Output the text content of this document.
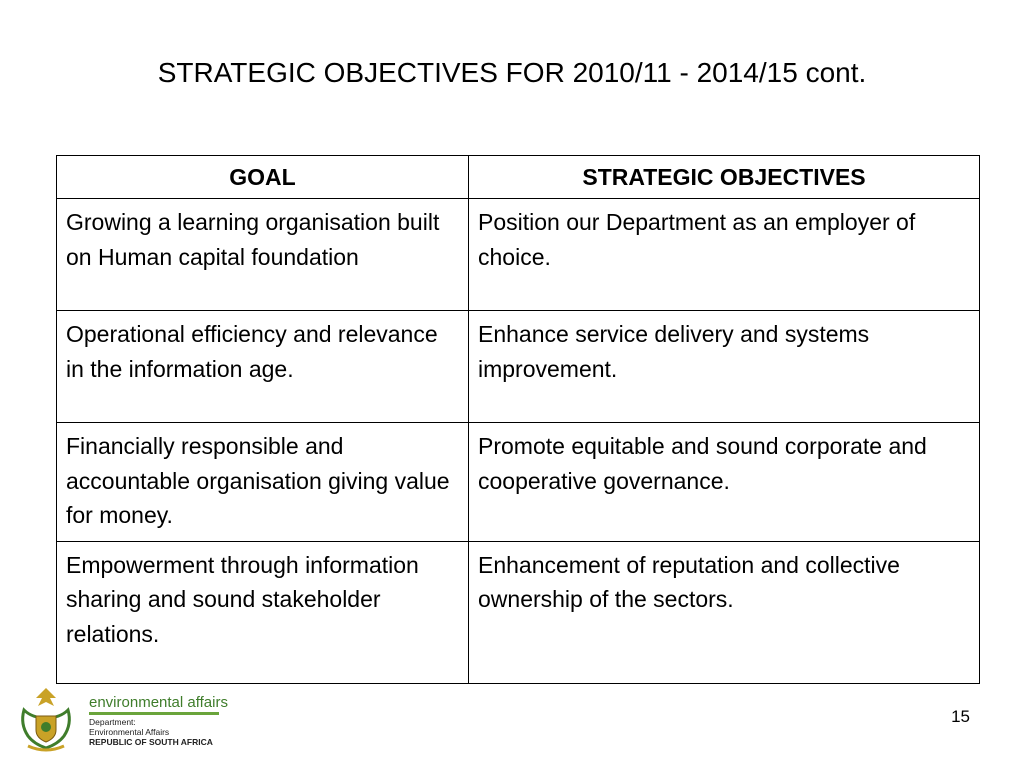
STRATEGIC OBJECTIVES FOR 2010/11 - 2014/15 cont.
GOAL	STRATEGIC OBJECTIVES
Growing a learning organisation built on Human capital foundation	Position our Department as an employer of choice.
Operational efficiency and relevance in the information age.	Enhance service delivery and systems improvement.
Financially responsible and accountable organisation giving value for money.	Promote equitable and sound corporate and cooperative governance.
Empowerment through information sharing and sound stakeholder relations.	Enhancement of reputation and collective ownership of the sectors.
environmental affairs
Department:
Environmental Affairs
REPUBLIC OF SOUTH AFRICA
15
